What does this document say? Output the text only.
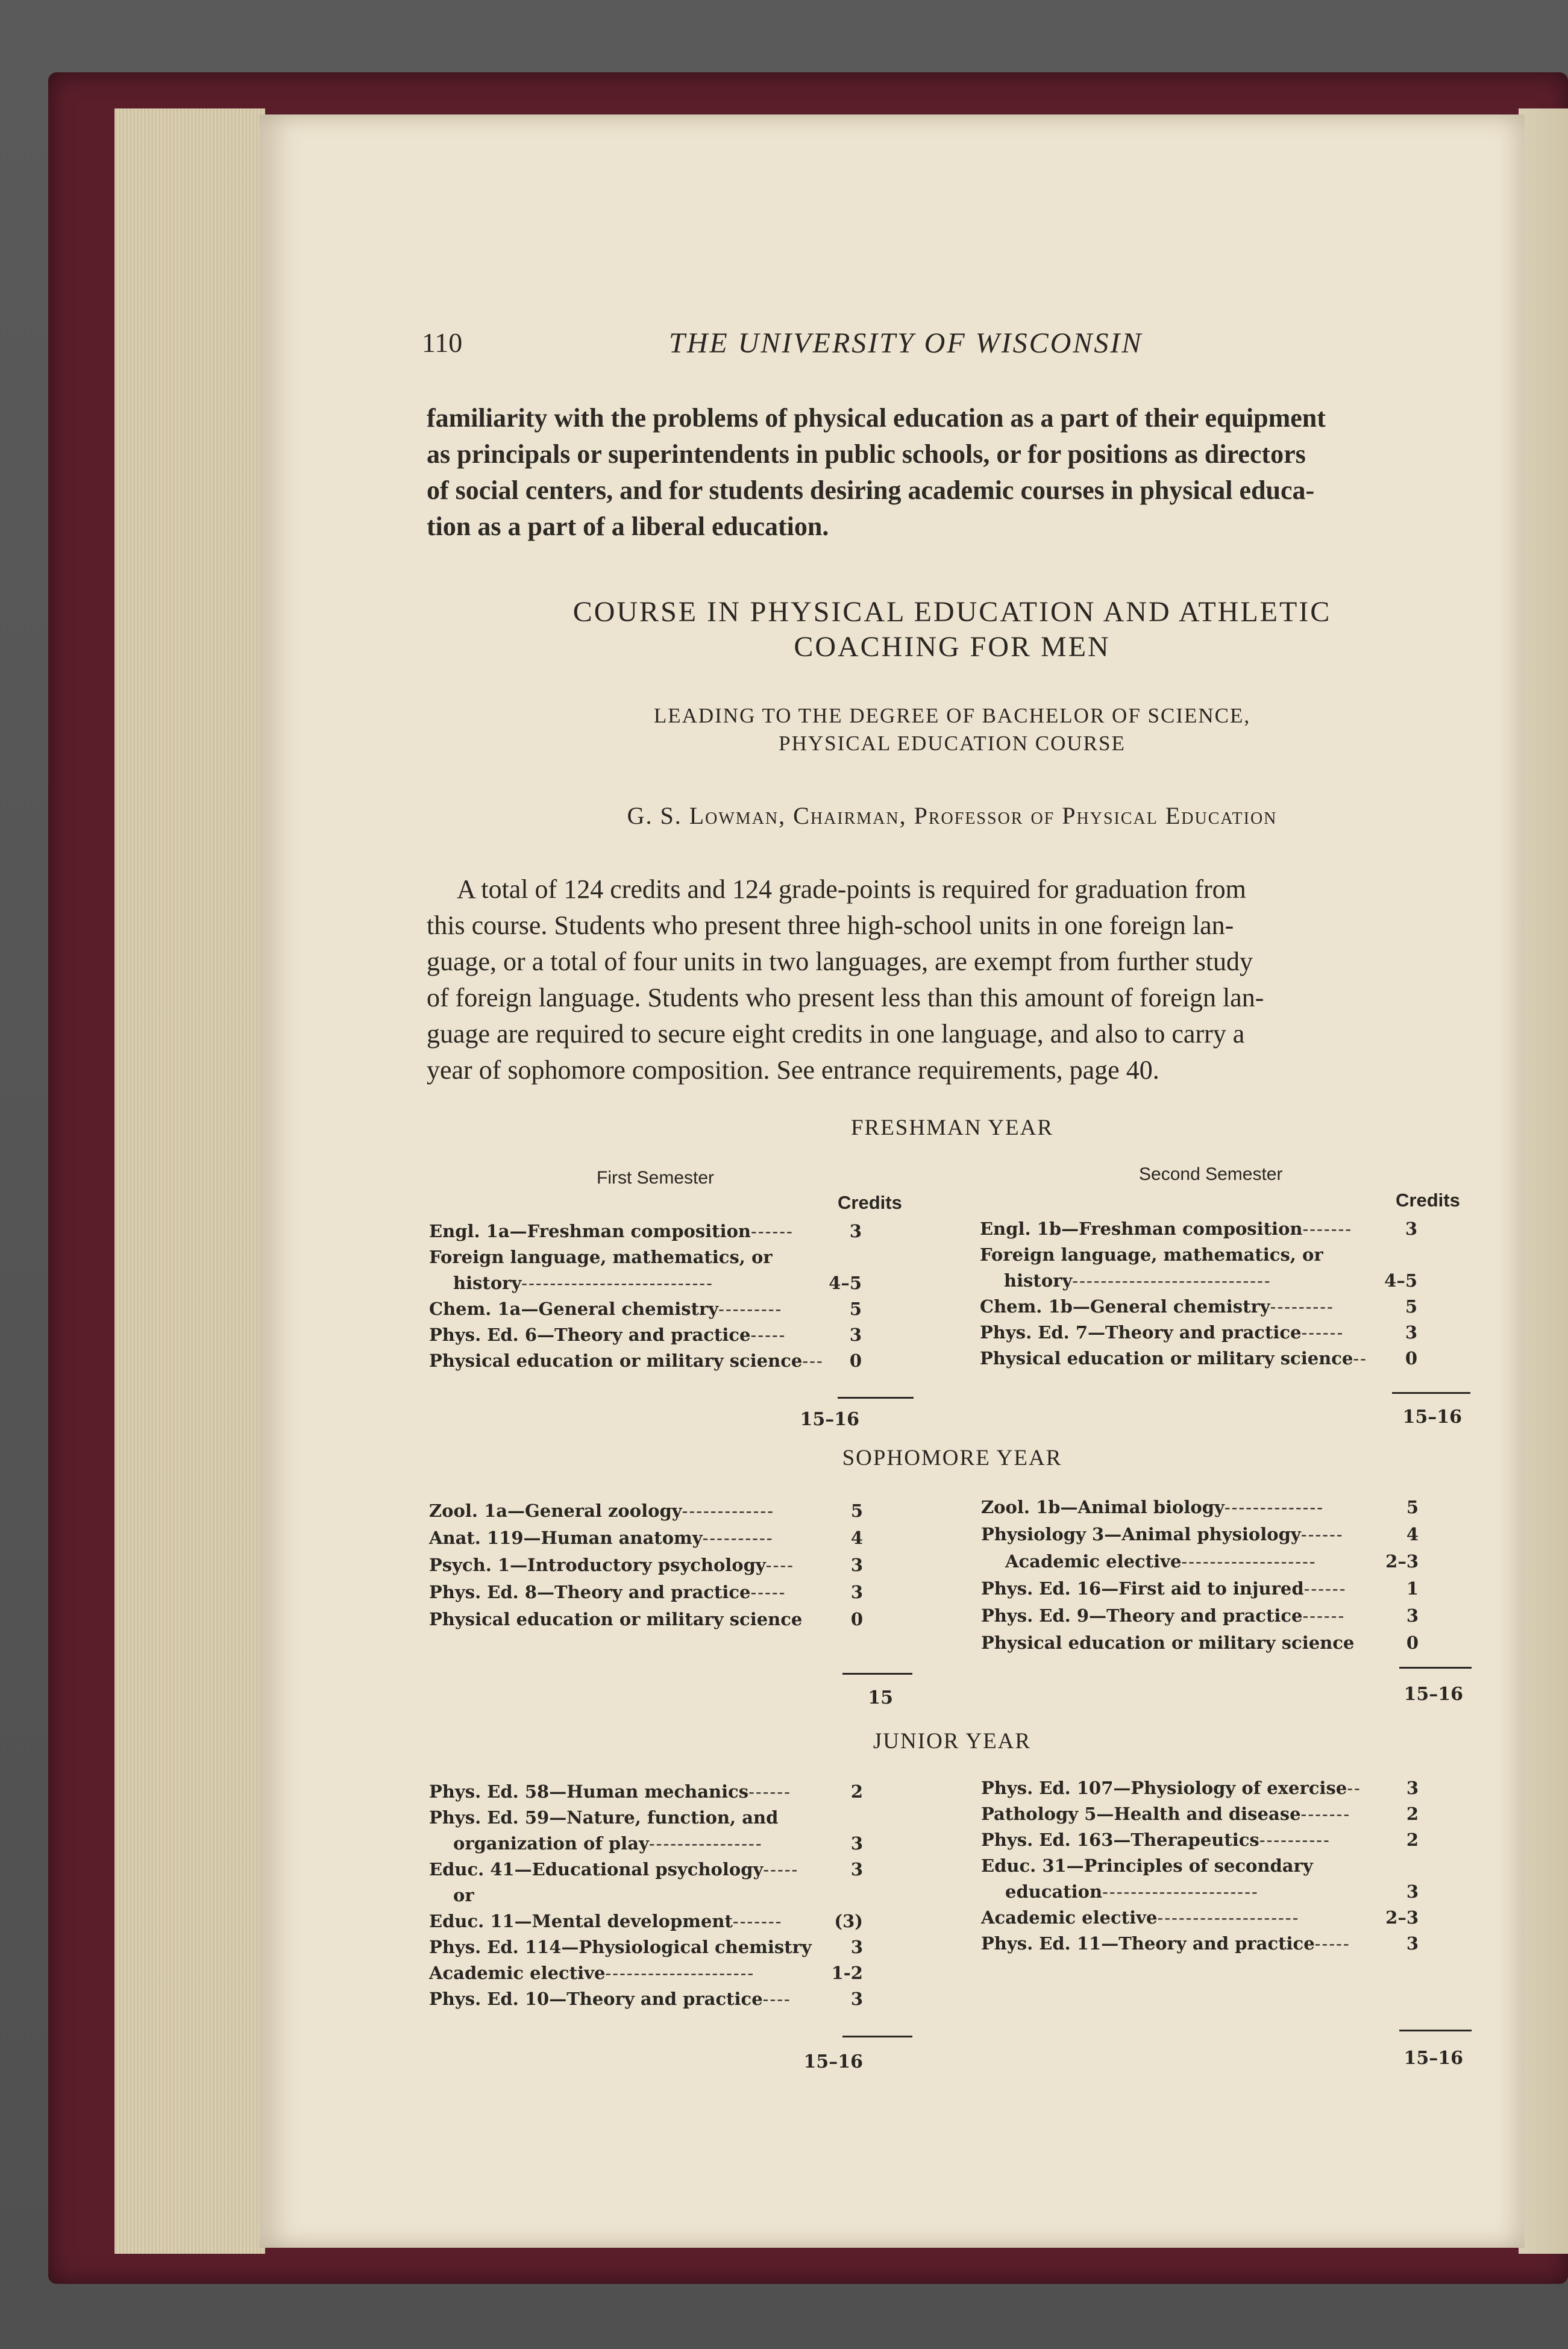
110	THE UNIVERSITY OF WISCONSIN
familiarity with the problems of physical education as a part of their equipment
as principals or superintendents in public schools, or for positions as directors
of social centers, and for students desiring academic courses in physical educa-
tion as a part of a liberal education.
COURSE IN PHYSICAL EDUCATION AND ATHLETIC
COACHING FOR MEN
LEADING TO THE DEGREE OF BACHELOR OF SCIENCE,
PHYSICAL EDUCATION COURSE
G. S. Lowman, Chairman, Professor of Physical Education
A total of 124 credits and 124 grade-points is required for graduation from
this course. Students who present three high-school units in one foreign lan-
guage, or a total of four units in two languages, are exempt from further study
of foreign language. Students who present less than this amount of foreign lan-
guage are required to secure eight credits in one language, and also to carry a
year of sophomore composition. See entrance requirements, page 40.
FRESHMAN YEAR
First Semester	Second Semester
Credits	Credits
Engl. 1a—Freshman composition------	3
Foreign language, mathematics, or
history---------------------------	4–5
Chem. 1a—General chemistry---------	5
Phys. Ed. 6—Theory and practice-----	3
Physical education or military science---	0
Engl. 1b—Freshman composition-------	3
Foreign language, mathematics, or
history----------------------------	4–5
Chem. 1b—General chemistry---------	5
Phys. Ed. 7—Theory and practice------	3
Physical education or military science--	0
15–16	15–16
SOPHOMORE YEAR
Zool. 1a—General zoology-------------	5
Anat. 119—Human anatomy----------	4
Psych. 1—Introductory psychology----	3
Phys. Ed. 8—Theory and practice-----	3
Physical education or military science	0
Zool. 1b—Animal biology--------------	5
Physiology 3—Animal physiology------	4
Academic elective-------------------	2–3
Phys. Ed. 16—First aid to injured------	1
Phys. Ed. 9—Theory and practice------	3
Physical education or military science	0
15	15–16
JUNIOR YEAR
Phys. Ed. 58—Human mechanics------	2
Phys. Ed. 59—Nature, function, and
organization of play----------------	3
Educ. 41—Educational psychology-----	3
or
Educ. 11—Mental development-------	(3)
Phys. Ed. 114—Physiological chemistry	3
Academic elective---------------------	1-2
Phys. Ed. 10—Theory and practice----	3
Phys. Ed. 107—Physiology of exercise--	3
Pathology 5—Health and disease-------	2
Phys. Ed. 163—Therapeutics----------	2
Educ. 31—Principles of secondary
education----------------------	3
Academic elective--------------------	2–3
Phys. Ed. 11—Theory and practice-----	3
15–16	15–16
